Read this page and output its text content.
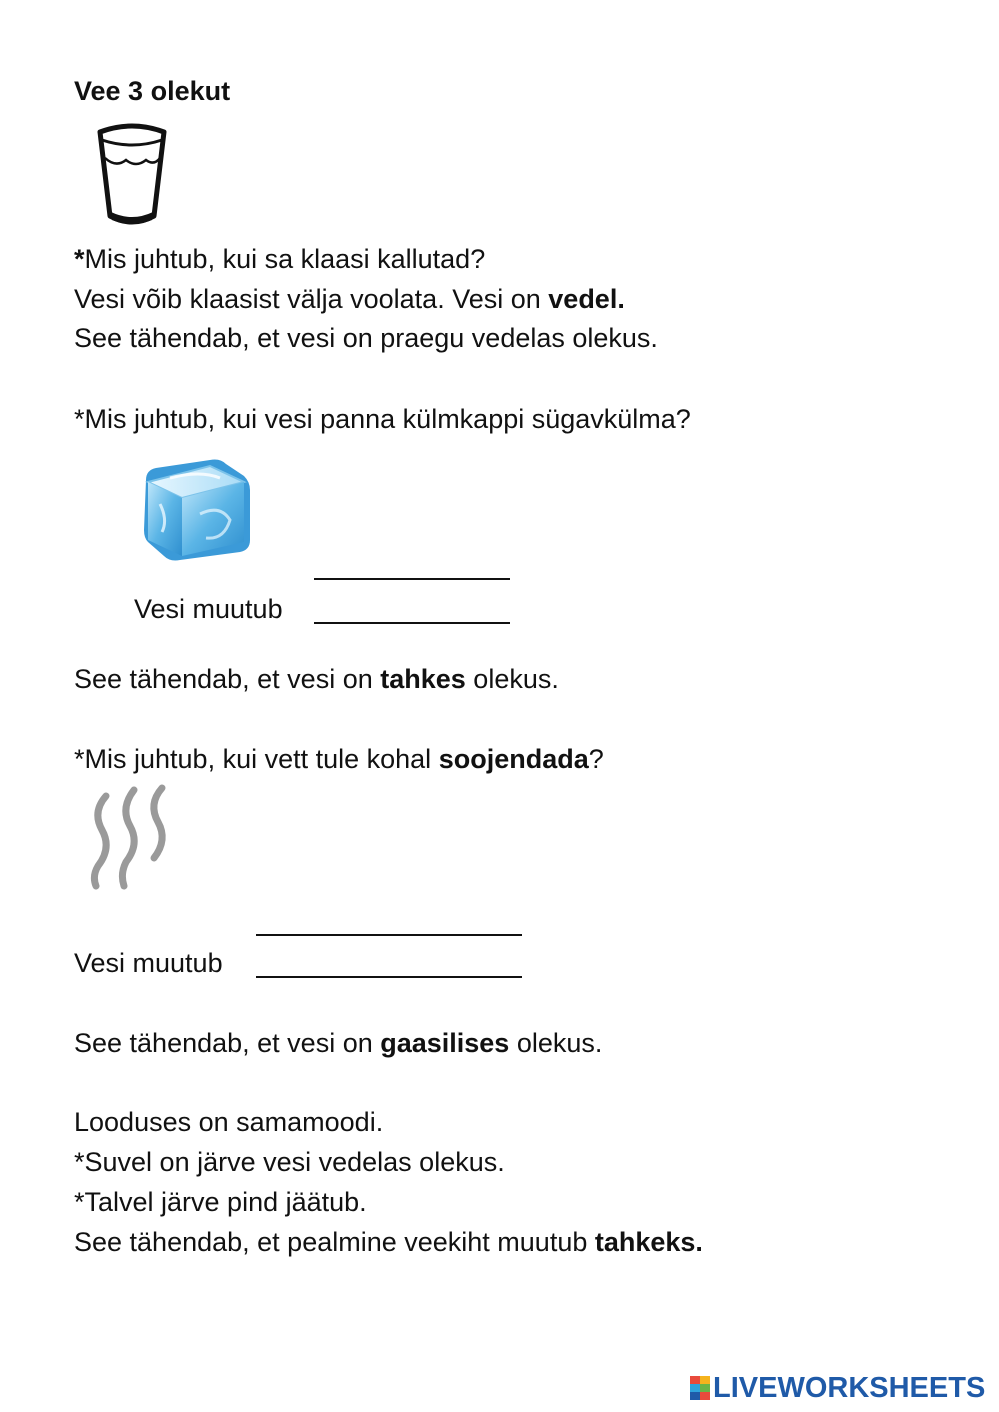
Vee 3 olekut
*Mis juhtub, kui sa klaasi kallutad?
Vesi võib klaasist välja voolata. Vesi on vedel.
See tähendab, et vesi on praegu vedelas olekus.
*Mis juhtub, kui vesi panna külmkappi sügavkülma?
Vesi muutub
See tähendab, et vesi on tahkes olekus.
*Mis juhtub, kui vett tule kohal soojendada?
Vesi muutub
See tähendab, et vesi on gaasilises olekus.
Looduses on samamoodi.
*Suvel on järve vesi vedelas olekus.
*Talvel järve pind jäätub.
See tähendab, et pealmine veekiht muutub tahkeks.
LIVEWORKSHEETS
